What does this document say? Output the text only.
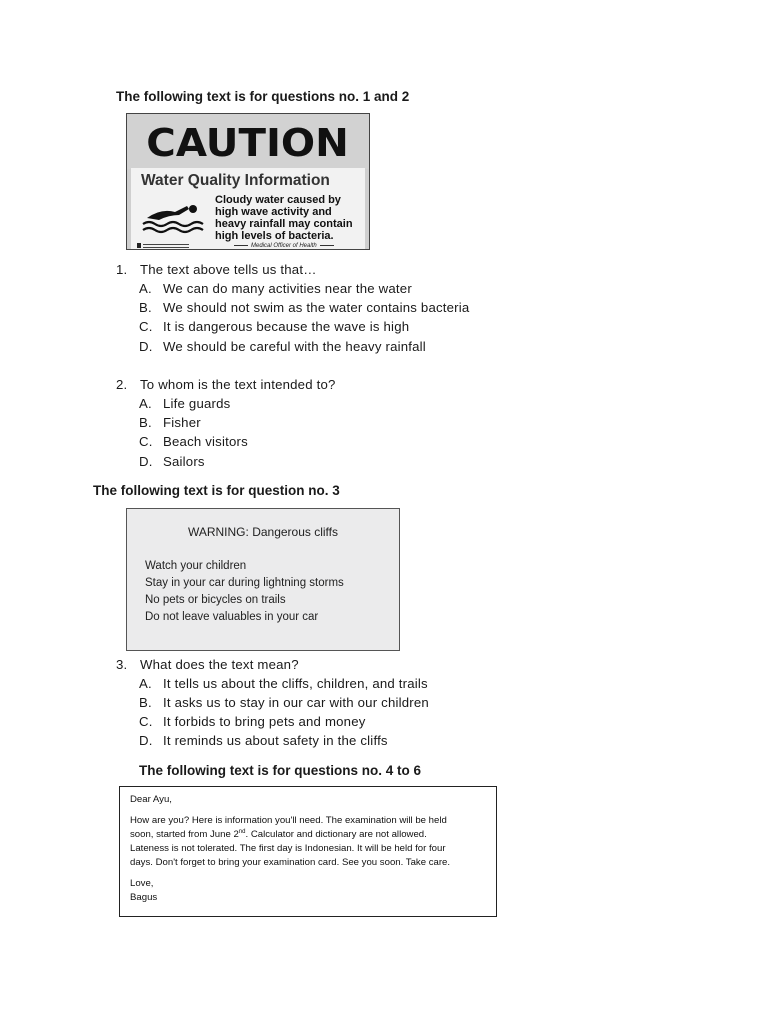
The following text is for questions no. 1 and 2
CAUTION
Water Quality Information
Cloudy water caused by
high wave activity and
heavy rainfall may contain
high levels of bacteria.
Medical Officer of Health
1. The text above tells us that…
A. We can do many activities near the water
B. We should not swim as the water contains bacteria
C. It is dangerous because the wave is high
D. We should be careful with the heavy rainfall
2. To whom is the text intended to?
A. Life guards
B. Fisher
C. Beach visitors
D. Sailors
The following text is for question no. 3
WARNING: Dangerous cliffs
Watch your children
Stay in your car during lightning storms
No pets or bicycles on trails
Do not leave valuables in your car
3. What does the text mean?
A. It tells us about the cliffs, children, and trails
B. It asks us to stay in our car with our children
C. It forbids to bring pets and money
D. It reminds us about safety in the cliffs
The following text is for questions no. 4 to 6

Dear Ayu,

How are you? Here is information you'll need. The examination will be held

soon, started from June 2nd. Calculator and dictionary are not allowed.

Lateness is not tolerated. The first day is Indonesian. It will be held for four

days. Don't forget to bring your examination card. See you soon. Take care.

Love,

Bagus
